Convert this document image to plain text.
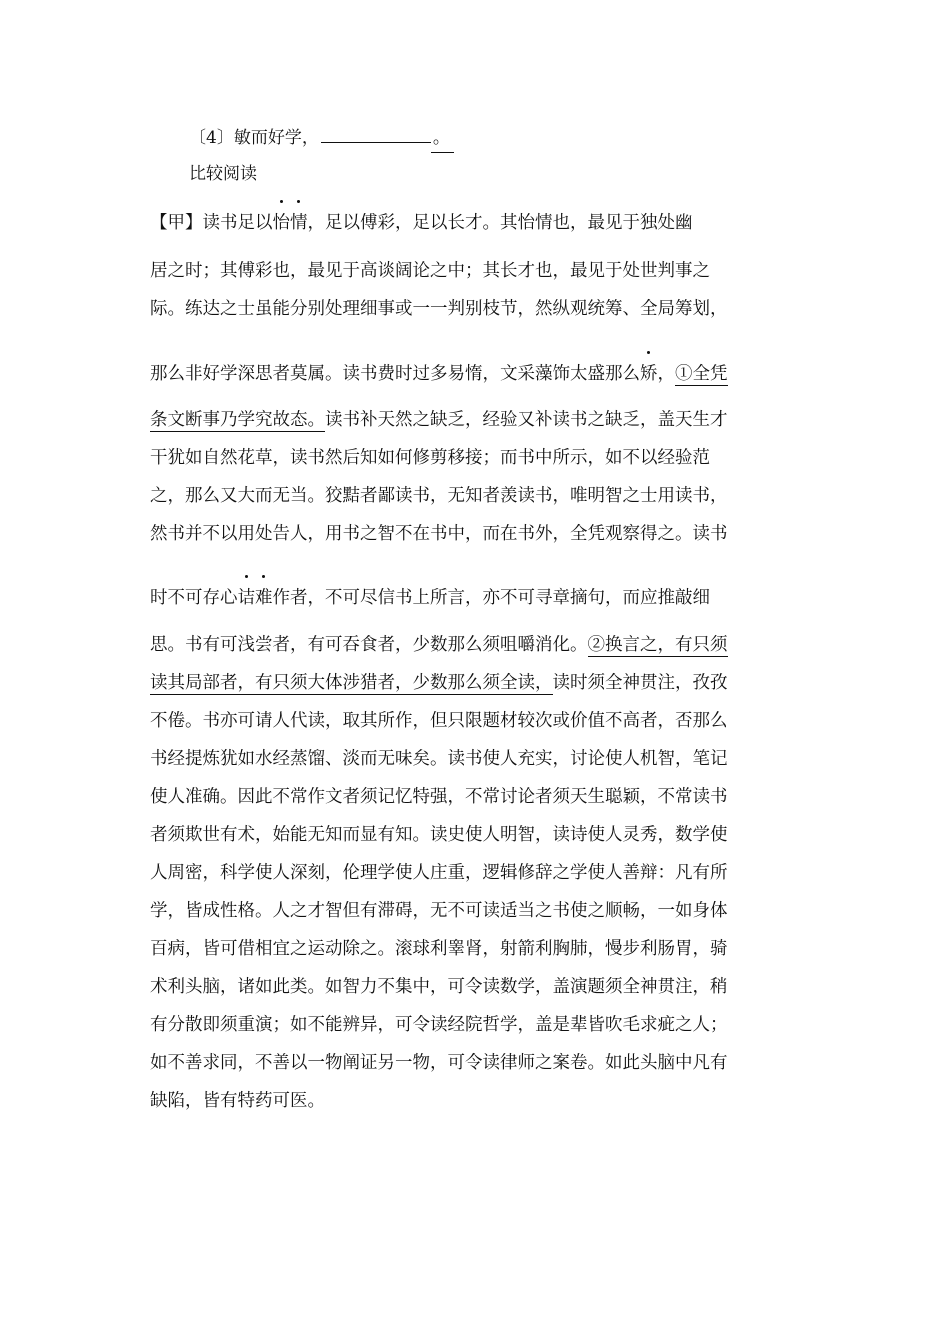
〔4〕敏而好学，	。
比较阅读
【甲】读书足以怡情，足以傅彩，足以长才。其怡情也，最见于独处幽
居之时；其傅彩也，最见于高谈阔论之中；其长才也，最见于处世判事之
际。练达之士虽能分别处理细事或一一判别枝节，然纵观统筹、全局筹划，
那么非好学深思者莫属。读书费时过多易惰，文采藻饰太盛那么矫，①全凭
条文断事乃学究故态。读书补天然之缺乏，经验又补读书之缺乏，盖天生才
干犹如自然花草，读书然后知如何修剪移接；而书中所示，如不以经验范
之，那么又大而无当。狡黠者鄙读书，无知者羡读书，唯明智之士用读书，
然书并不以用处告人，用书之智不在书中，而在书外，全凭观察得之。读书
时不可存心诘难作者，不可尽信书上所言，亦不可寻章摘句，而应推敲细
思。书有可浅尝者，有可吞食者，少数那么须咀嚼消化。②换言之，有只须
读其局部者，有只须大体涉猎者，少数那么须全读，读时须全神贯注，孜孜
不倦。书亦可请人代读，取其所作，但只限题材较次或价值不高者，否那么
书经提炼犹如水经蒸馏、淡而无味矣。读书使人充实，讨论使人机智，笔记
使人准确。因此不常作文者须记忆特强，不常讨论者须天生聪颖，不常读书
者须欺世有术，始能无知而显有知。读史使人明智，读诗使人灵秀，数学使
人周密，科学使人深刻，伦理学使人庄重，逻辑修辞之学使人善辩：凡有所
学，皆成性格。人之才智但有滞碍，无不可读适当之书使之顺畅，一如身体
百病，皆可借相宜之运动除之。滚球利睾肾，射箭利胸肺，慢步利肠胃，骑
术利头脑，诸如此类。如智力不集中，可令读数学，盖演题须全神贯注，稍
有分散即须重演；如不能辨异，可令读经院哲学，盖是辈皆吹毛求疵之人；
如不善求同，不善以一物阐证另一物，可令读律师之案卷。如此头脑中凡有
缺陷，皆有特药可医。
